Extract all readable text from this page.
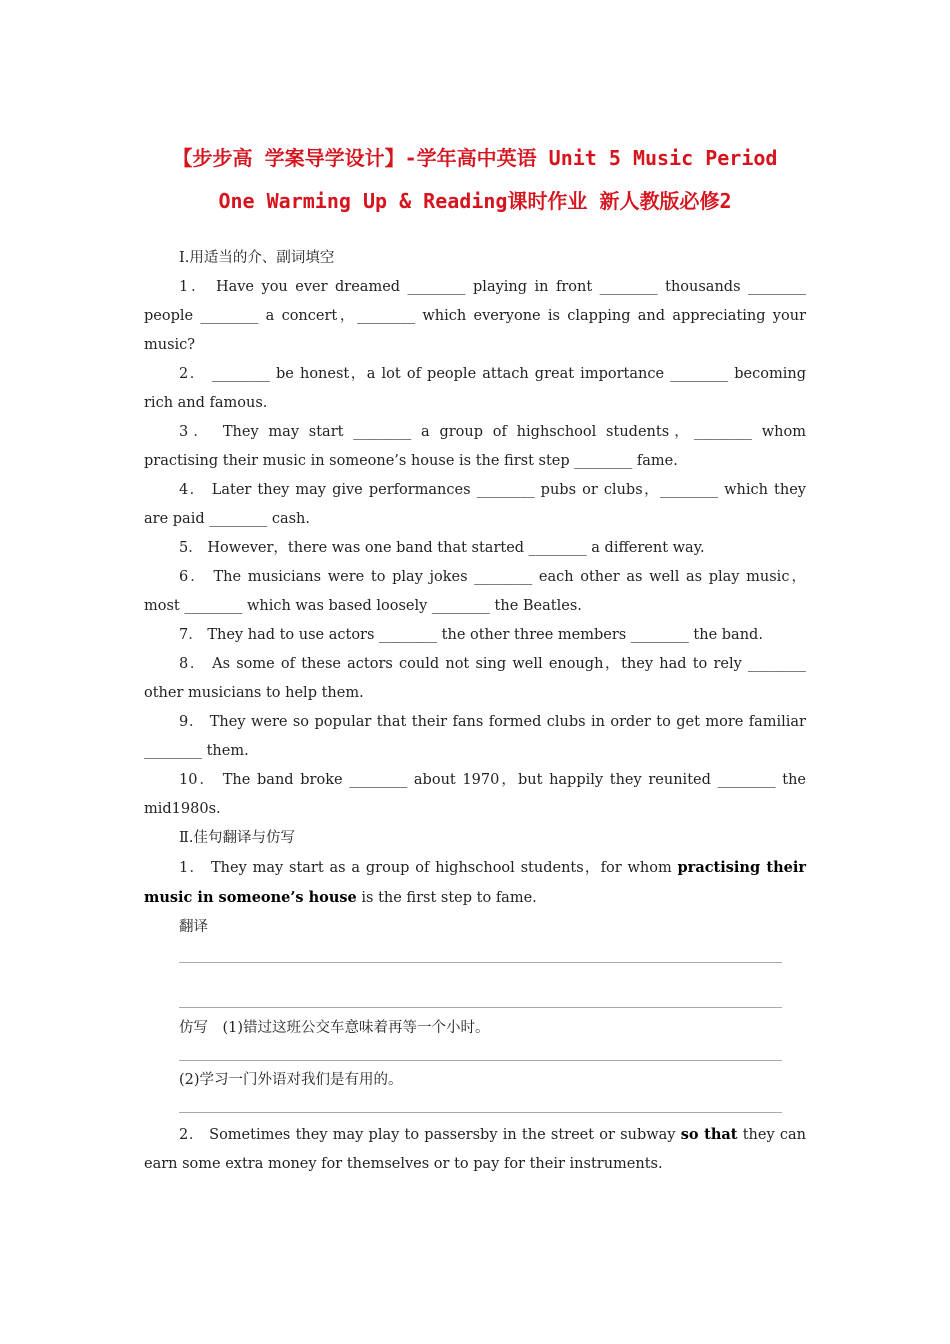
【步步高 学案导学设计】-学年高中英语 Unit 5 Music Period
One Warming Up & Reading课时作业 新人教版必修2

Ⅰ.用适当的介、副词填空

1． Have you ever dreamed ________ playing in front ________ thousands ________ people ________ a concert，________ which everyone is clapping and appreciating your music?

2． ________ be honest，a lot of people attach great importance ________ becoming rich and famous.

3． They may start ________ a group of highschool students，________ whom practising their music in someone’s house is the first step ________ fame.

4． Later they may give performances ________ pubs or clubs，________ which they are paid ________ cash.

5． However，there was one band that started ________ a different way.

6． The musicians were to play jokes ________ each other as well as play music，most ________ which was based loosely ________ the Beatles.

7． They had to use actors ________ the other three members ________ the band.

8． As some of these actors could not sing well enough，they had to rely ________ other musicians to help them.

9． They were so popular that their fans formed clubs in order to get more familiar ________ them.

10． The band broke ________ about 1970，but happily they reunited ________ the mid1980s.

Ⅱ.佳句翻译与仿写

1． They may start as a group of highschool students，for whom practising their music in someone’s house is the first step to fame.

翻译

仿写　(1)错过这班公交车意味着再等一个小时。

(2)学习一门外语对我们是有用的。

2． Sometimes they may play to passersby in the street or subway so that they can earn some extra money for themselves or to pay for their instruments.
